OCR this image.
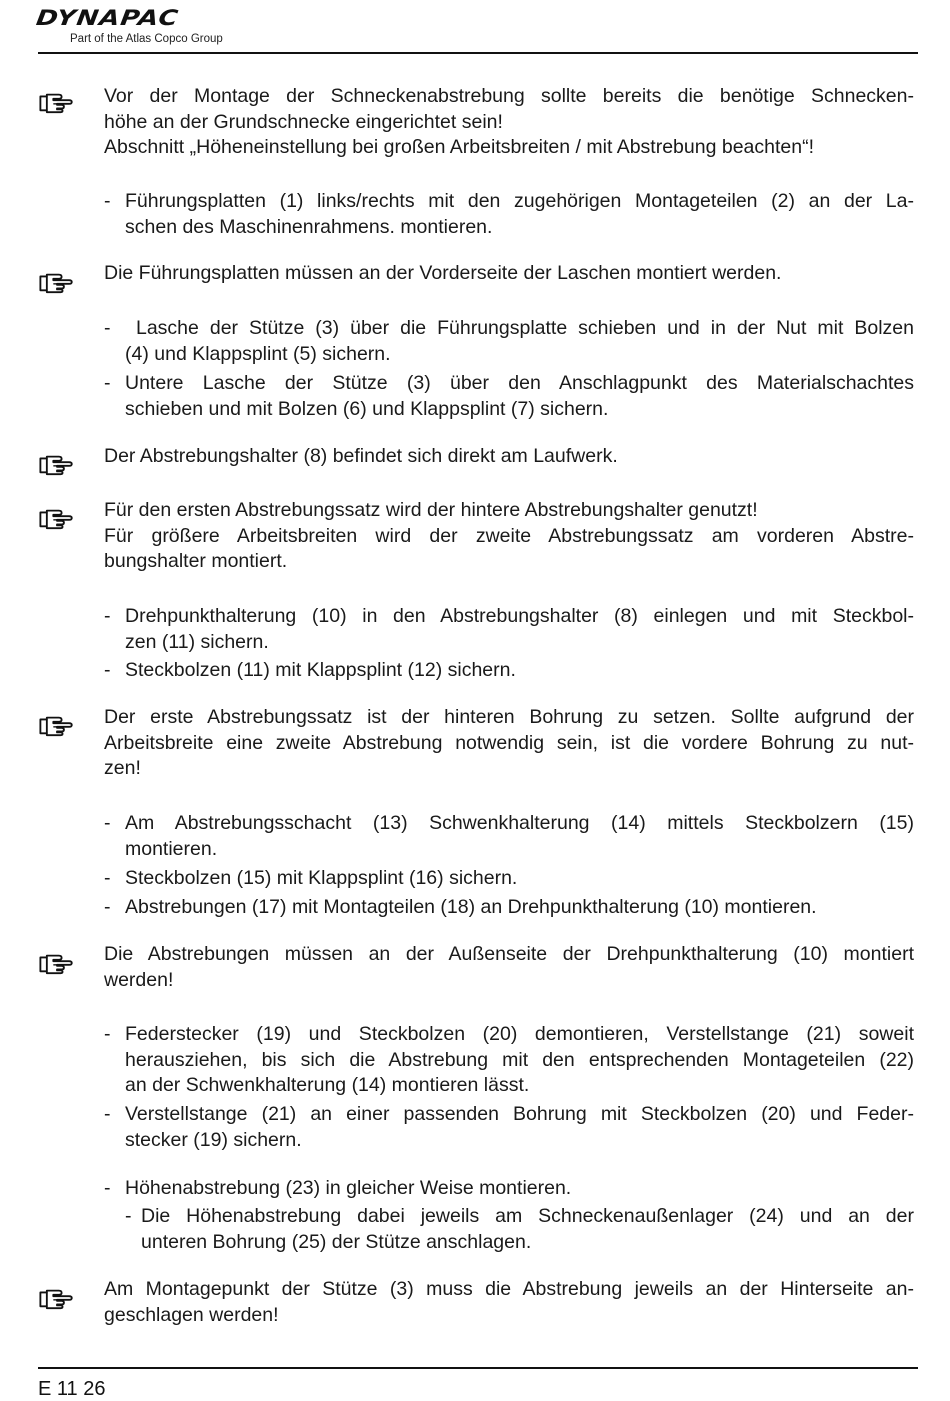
DYNAPAC
Part of the Atlas Copco Group
Vor der Montage der Schneckenabstrebung sollte bereits die benötige Schnecken-
höhe an der Grundschnecke eingerichtet sein!
Abschnitt „Höheneinstellung bei großen Arbeitsbreiten / mit Abstrebung beachten“!
- Führungsplatten (1) links/rechts mit den zugehörigen Montageteilen (2) an der La-
schen des Maschinenrahmens. montieren.
Die Führungsplatten müssen an der Vorderseite der Laschen montiert werden.
- Lasche der Stütze (3) über die Führungsplatte schieben und in der Nut mit Bolzen
(4) und Klappsplint (5) sichern.
- Untere Lasche der Stütze (3) über den Anschlagpunkt des Materialschachtes
schieben und mit Bolzen (6) und Klappsplint (7) sichern.
Der Abstrebungshalter (8) befindet sich direkt am Laufwerk.
Für den ersten Abstrebungssatz wird der hintere Abstrebungshalter genutzt!
Für größere Arbeitsbreiten wird der zweite Abstrebungssatz am vorderen Abstre-
bungshalter montiert.
- Drehpunkthalterung (10) in den Abstrebungshalter (8) einlegen und mit Steckbol-
zen (11) sichern.
- Steckbolzen (11) mit Klappsplint (12) sichern.
Der erste Abstrebungssatz ist der hinteren Bohrung zu setzen. Sollte aufgrund der
Arbeitsbreite eine zweite Abstrebung notwendig sein, ist die vordere Bohrung zu nut-
zen!
- Am Abstrebungsschacht (13) Schwenkhalterung (14) mittels Steckbolzern (15)
montieren.
- Steckbolzen (15) mit Klappsplint (16) sichern.
- Abstrebungen (17) mit Montagteilen (18) an Drehpunkthalterung (10) montieren.
Die Abstrebungen müssen an der Außenseite der Drehpunkthalterung (10) montiert
werden!
- Federstecker (19) und Steckbolzen (20) demontieren, Verstellstange (21) soweit
herausziehen, bis sich die Abstrebung mit den entsprechenden Montageteilen (22)
an der Schwenkhalterung (14) montieren lässt.
- Verstellstange (21) an einer passenden Bohrung mit Steckbolzen (20) und Feder-
stecker (19) sichern.
- Höhenabstrebung (23) in gleicher Weise montieren.
- Die Höhenabstrebung dabei jeweils am Schneckenaußenlager (24) und an der
unteren Bohrung (25) der Stütze anschlagen.
Am Montagepunkt der Stütze (3) muss die Abstrebung jeweils an der Hinterseite an-
geschlagen werden!
E 11 26
